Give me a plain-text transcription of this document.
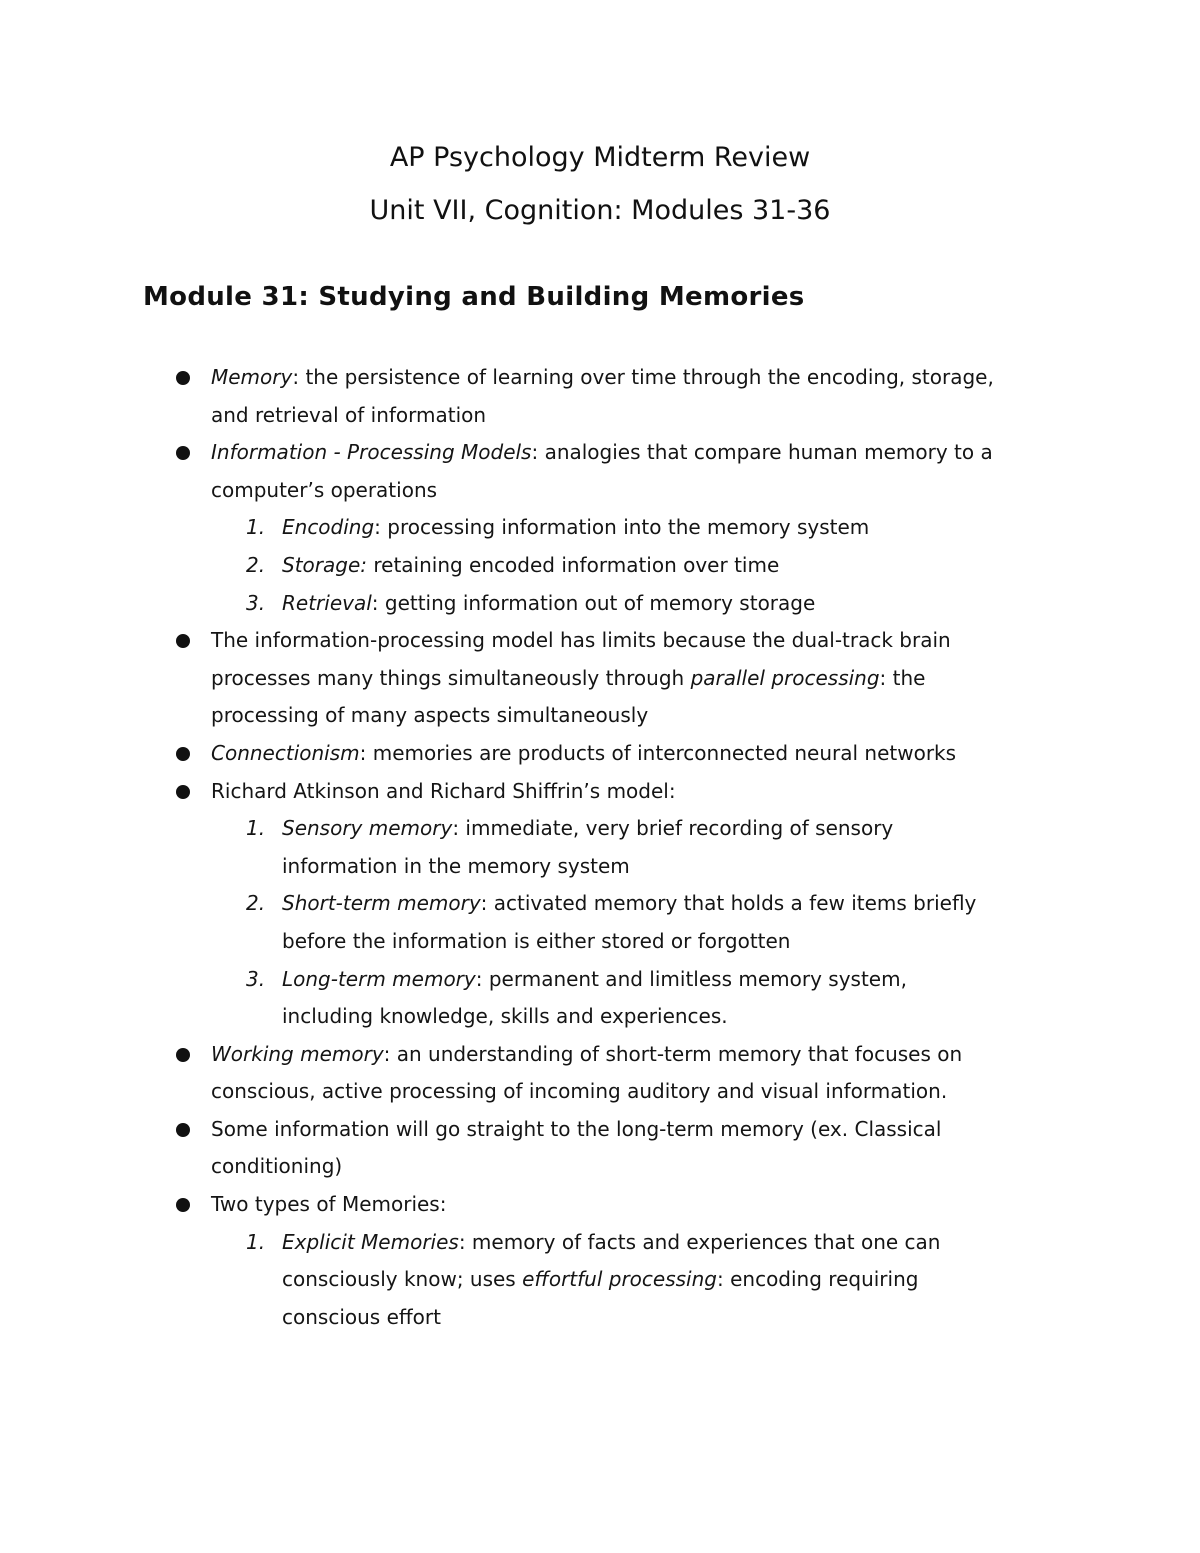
AP Psychology Midterm Review
Unit VII, Cognition: Modules 31-36
Module 31: Studying and Building Memories
Memory: the persistence of learning over time through the encoding, storage,
and retrieval of information
Information - Processing Models: analogies that compare human memory to a
computer’s operations
1. Encoding: processing information into the memory system
2. Storage: retaining encoded information over time
3. Retrieval: getting information out of memory storage
The information-processing model has limits because the dual-track brain
processes many things simultaneously through parallel processing: the
processing of many aspects simultaneously
Connectionism: memories are products of interconnected neural networks
Richard Atkinson and Richard Shiffrin’s model:
1. Sensory memory: immediate, very brief recording of sensory
information in the memory system
2. Short-term memory: activated memory that holds a few items briefly
before the information is either stored or forgotten
3. Long-term memory: permanent and limitless memory system,
including knowledge, skills and experiences.
Working memory: an understanding of short-term memory that focuses on
conscious, active processing of incoming auditory and visual information.
Some information will go straight to the long-term memory (ex. Classical
conditioning)
Two types of Memories:
1. Explicit Memories: memory of facts and experiences that one can
consciously know; uses effortful processing: encoding requiring
conscious effort
